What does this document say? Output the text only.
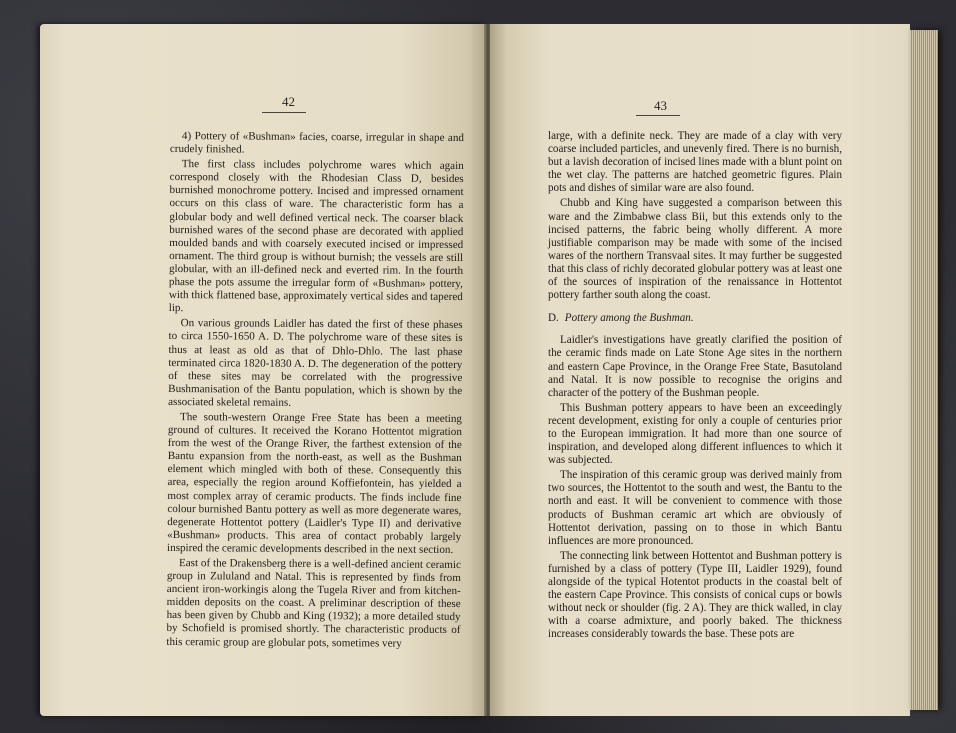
42

4) Pottery of «Bushman» facies, coarse, irregular in shape and crudely finished.

The first class includes polychrome wares which again correspond closely with the Rhodesian Class D, besides burnished monochrome pottery. Incised and impressed ornament occurs on this class of ware. The characteristic form has a globular body and well defined vertical neck. The coarser black burnished wares of the second phase are decorated with applied moulded bands and with coarsely executed incised or impressed ornament. The third group is without burnish; the vessels are still globular, with an ill-defined neck and everted rim. In the fourth phase the pots assume the irregular form of «Bushman» pottery, with thick flattened base, approximately vertical sides and tapered lip.

On various grounds Laidler has dated the first of these phases to circa 1550-1650 A. D. The polychrome ware of these sites is thus at least as old as that of Dhlo-Dhlo. The last phase terminated circa 1820-1830 A. D. The degeneration of the pottery of these sites may be correlated with the progressive Bushmanisation of the Bantu population, which is shown by the associated skeletal remains.

The south-western Orange Free State has been a meeting ground of cultures. It received the Korano Hottentot migration from the west of the Orange River, the farthest extension of the Bantu expansion from the north-east, as well as the Bushman element which mingled with both of these. Consequently this area, especially the region around Koffiefontein, has yielded a most complex array of ceramic products. The finds include fine colour burnished Bantu pottery as well as more degenerate wares, degenerate Hottentot pottery (Laidler's Type II) and derivative «Bushman» products. This area of contact probably largely inspired the ceramic developments described in the next section.

East of the Drakensberg there is a well-defined ancient ceramic group in Zululand and Natal. This is represented by finds from ancient iron-workingis along the Tugela River and from kitchen-midden deposits on the coast. A preliminar description of these has been given by Chubb and King (1932); a more detailed study by Schofield is promised shortly. The characteristic products of this ceramic group are globular pots, sometimes very

43

large, with a definite neck. They are made of a clay with very coarse included particles, and unevenly fired. There is no burnish, but a lavish decoration of incised lines made with a blunt point on the wet clay. The patterns are hatched geometric figures. Plain pots and dishes of similar ware are also found.

Chubb and King have suggested a comparison between this ware and the Zimbabwe class Bii, but this extends only to the incised patterns, the fabric being wholly different. A more justifiable comparison may be made with some of the incised wares of the northern Transvaal sites. It may further be suggested that this class of richly decorated globular pottery was at least one of the sources of inspiration of the renaissance in Hottentot pottery farther south along the coast.

D. Pottery among the Bushman.

Laidler's investigations have greatly clarified the position of the ceramic finds made on Late Stone Age sites in the northern and eastern Cape Province, in the Orange Free State, Basutoland and Natal. It is now possible to recognise the origins and character of the pottery of the Bushman people.

This Bushman pottery appears to have been an exceedingly recent development, existing for only a couple of centuries prior to the European immigration. It had more than one source of inspiration, and developed along different influences to which it was subjected.

The inspiration of this ceramic group was derived mainly from two sources, the Hottentot to the south and west, the Bantu to the north and east. It will be convenient to commence with those products of Bushman ceramic art which are obviously of Hottentot derivation, passing on to those in which Bantu influences are more pronounced.

The connecting link between Hottentot and Bushman pottery is furnished by a class of pottery (Type III, Laidler 1929), found alongside of the typical Hotentot products in the coastal belt of the eastern Cape Province. This consists of conical cups or bowls without neck or shoulder (fig. 2 A). They are thick walled, in clay with a coarse admixture, and poorly baked. The thickness increases considerably towards the base. These pots are
